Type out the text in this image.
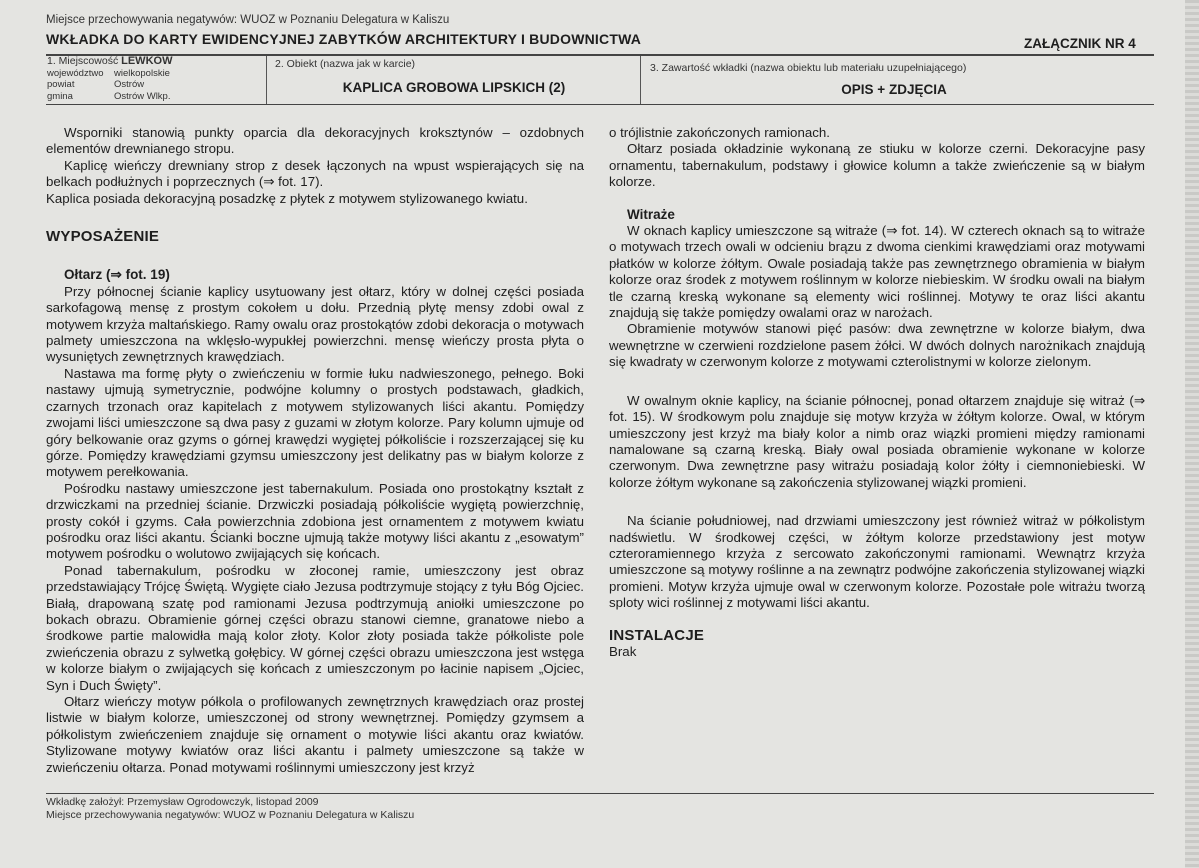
Miejsce przechowywania negatywów: WUOZ w Poznaniu Delegatura w Kaliszu
WKŁADKA DO KARTY EWIDENCYJNEJ ZABYTKÓW ARCHITEKTURY I BUDOWNICTWA	ZAŁĄCZNIK NR 4
1. Miejscowość LEWKÓW
województwo	wielkopolskie
powiat	Ostrów
gmina	Ostrów Wlkp.
2. Obiekt (nazwa jak w karcie)
KAPLICA GROBOWA LIPSKICH (2)
3. Zawartość wkładki (nazwa obiektu lub materiału uzupełniającego)
OPIS + ZDJĘCIA

Wsporniki stanowią punkty oparcia dla dekoracyjnych kroksztynów – ozdobnych elementów drewnianego stropu.

Kaplicę wieńczy drewniany strop z desek łączonych na wpust wspierających się na belkach podłużnych i poprzecznych (⇒ fot. 17).

Kaplica posiada dekoracyjną posadzkę z płytek z motywem stylizowanego kwiatu.

WYPOSAŻENIE
Ołtarz (⇒ fot. 19)

Przy północnej ścianie kaplicy usytuowany jest ołtarz, który w dolnej części posiada sarkofagową mensę z prostym cokołem u dołu. Przednią płytę mensy zdobi owal z motywem krzyża maltańskiego. Ramy owalu oraz prostokątów zdobi dekoracja o motywach palmety umieszczona na wklęsło-wypukłej powierzchni. mensę wieńczy prosta płyta o wysuniętych zewnętrznych krawędziach.

Nastawa ma formę płyty o zwieńczeniu w formie łuku nadwieszonego, pełnego. Boki nastawy ujmują symetrycznie, podwójne kolumny o prostych podstawach, gładkich, czarnych trzonach oraz kapitelach z motywem stylizowanych liści akantu. Pomiędzy zwojami liści umieszczone są dwa pasy z guzami w złotym kolorze. Pary kolumn ujmuje od góry belkowanie oraz gzyms o górnej krawędzi wygiętej półkoliście i rozszerzającej się ku górze. Pomiędzy krawędziami gzymsu umieszczony jest delikatny pas w białym kolorze z motywem perełkowania.

Pośrodku nastawy umieszczone jest tabernakulum. Posiada ono prostokątny kształt z drzwiczkami na przedniej ścianie. Drzwiczki posiadają półkoliście wygiętą powierzchnię, prosty cokół i gzyms. Cała powierzchnia zdobiona jest ornamentem z motywem kwiatu pośrodku oraz liści akantu. Ścianki boczne ujmują także motywy liści akantu z „esowatym” motywem pośrodku o wolutowo zwijających się końcach.

Ponad tabernakulum, pośrodku w złoconej ramie, umieszczony jest obraz przedstawiający Trójcę Świętą. Wygięte ciało Jezusa podtrzymuje stojący z tyłu Bóg Ojciec. Białą, drapowaną szatę pod ramionami Jezusa podtrzymują aniołki umieszczone po bokach obrazu. Obramienie górnej części obrazu stanowi ciemne, granatowe niebo a środkowe partie malowidła mają kolor złoty. Kolor złoty posiada także półkoliste pole zwieńczenia obrazu z sylwetką gołębicy. W górnej części obrazu umieszczona jest wstęga w kolorze białym o zwijających się końcach z umieszczonym po łacinie napisem „Ojciec, Syn i Duch Święty”.

Ołtarz wieńczy motyw półkola o profilowanych zewnętrznych krawędziach oraz prostej listwie w białym kolorze, umieszczonej od strony wewnętrznej. Pomiędzy gzymsem a półkolistym zwieńczeniem znajduje się ornament o motywie liści akantu oraz kwiatów. Stylizowane motywy kwiatów oraz liści akantu i palmety umieszczone są także w zwieńczeniu ołtarza. Ponad motywami roślinnymi umieszczony jest krzyż

o trójlistnie zakończonych ramionach.

Ołtarz posiada okładzinie wykonaną ze stiuku w kolorze czerni. Dekoracyjne pasy ornamentu, tabernakulum, podstawy i głowice kolumn a także zwieńczenie są w białym kolorze.

Witraże

W oknach kaplicy umieszczone są witraże (⇒ fot. 14). W czterech oknach są to witraże o motywach trzech owali w odcieniu brązu z dwoma cienkimi krawędziami oraz motywami płatków w kolorze żółtym. Owale posiadają także pas zewnętrznego obramienia w białym kolorze oraz środek z motywem roślinnym w kolorze niebieskim. W środku owali na białym tle czarną kreską wykonane są elementy wici roślinnej. Motywy te oraz liści akantu znajdują się także pomiędzy owalami oraz w narożach.

Obramienie motywów stanowi pięć pasów: dwa zewnętrzne w kolorze białym, dwa wewnętrzne w czerwieni rozdzielone pasem żółci. W dwóch dolnych narożnikach znajdują się kwadraty w czerwonym kolorze z motywami czterolistnymi w kolorze zielonym.

W owalnym oknie kaplicy, na ścianie północnej, ponad ołtarzem znajduje się witraż (⇒ fot. 15). W środkowym polu znajduje się motyw krzyża w żółtym kolorze. Owal, w którym umieszczony jest krzyż ma biały kolor a nimb oraz wiązki promieni między ramionami namalowane są czarną kreską. Biały owal posiada obramienie wykonane w kolorze czerwonym. Dwa zewnętrzne pasy witrażu posiadają kolor żółty i ciemnoniebieski. W kolorze żółtym wykonane są zakończenia stylizowanej wiązki promieni.

Na ścianie południowej, nad drzwiami umieszczony jest również witraż w półkolistym nadświetlu. W środkowej części, w żółtym kolorze przedstawiony jest motyw czteroramiennego krzyża z sercowato zakończonymi ramionami. Wewnątrz krzyża umieszczone są motywy roślinne a na zewnątrz podwójne zakończenia stylizowanej wiązki promieni. Motyw krzyża ujmuje owal w czerwonym kolorze. Pozostałe pole witrażu tworzą sploty wici roślinnej z motywami liści akantu.

INSTALACJE

Brak

Wkładkę założył: Przemysław Ogrodowczyk, listopad 2009
Miejsce przechowywania negatywów: WUOZ w Poznaniu Delegatura w Kaliszu
